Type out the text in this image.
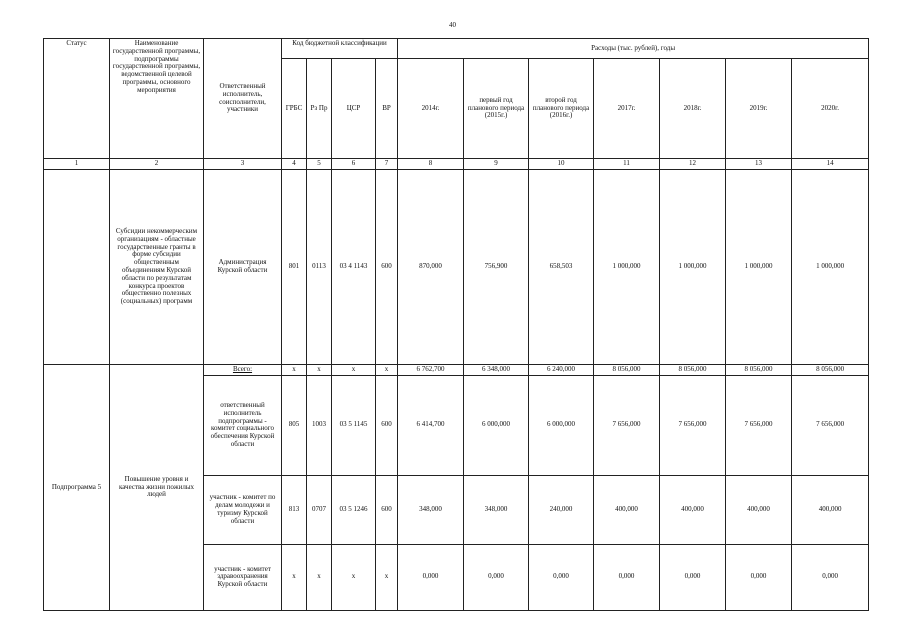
40
Статус	Наименование государственной программы, подпрограммы государственной программы, ведомственной целевой программы, основного мероприятия	Ответственный исполнитель, соисполнители, участники	Код бюджетной классификации				Расходы (тыс. рублей), годы						
			ГРБС	Рз Пр	ЦСР	ВР	2014г.	первый год планового периода (2015г.)	второй год планового периода (2016г.)	2017г.	2018г.	2019г.	2020г.
1	2	3	4	5	6	7	8	9	10	11	12	13	14
	Субсидии некоммерческим организациям - областные государственные гранты в форме субсидии общественным объединениям Курской области по результатам конкурса проектов общественно полезных (социальных) программ	Администрация Курской области	801	0113	03 4 1143	600	870,000	756,900	658,503	1 000,000	1 000,000	1 000,000	1 000,000
Подпрограмма 5	Повышение уровня и качества жизни пожилых людей	Всего:	x	x	x	x	6 762,700	6 348,000	6 240,000	8 056,000	8 056,000	8 056,000	8 056,000
		ответственный исполнитель подпрограммы - комитет социального обеспечения Курской области	805	1003	03 5 1145	600	6 414,700	6 000,000	6 000,000	7 656,000	7 656,000	7 656,000	7 656,000
		участник - комитет по делам молодежи и туризму Курской области	813	0707	03 5 1246	600	348,000	348,000	240,000	400,000	400,000	400,000	400,000
		участник - комитет здравоохранения Курской области	x	x	x	x	0,000	0,000	0,000	0,000	0,000	0,000	0,000
